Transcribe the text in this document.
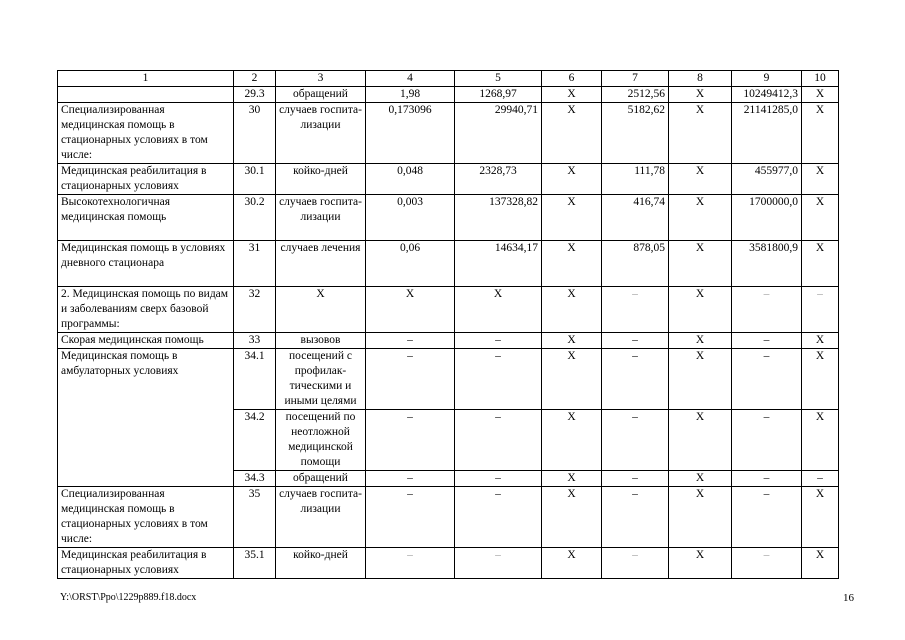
1	2	3	4	5	6	7	8	9	10
	29.3	обращений	1,98	1268,97	Х	2512,56	Х	10249412,3	Х
Специализированная медицинская помощь в стационарных условиях в том числе:	30	случаев госпита-лизации	0,173096	29940,71	Х	5182,62	Х	21141285,0	Х
Медицинская реабилитация в стационарных условиях	30.1	койко-дней	0,048	2328,73	Х	111,78	Х	455977,0	Х
Высокотехнологичная медицинская помощь	30.2	случаев госпита-лизации	0,003	137328,82	Х	416,74	Х	1700000,0	Х
Медицинская помощь в условиях дневного стационара	31	случаев лечения	0,06	14634,17	Х	878,05	Х	3581800,9	Х
2. Медицинская помощь по видам и заболеваниям сверх базовой программы:	32	Х	Х	Х	Х	–	Х	–	–
Скорая медицинская помощь	33	вызовов	–	–	Х	–	Х	–	Х
Медицинская помощь в амбулаторных условиях	34.1	посещений с профилак-тическими и иными целями	–	–	Х	–	Х	–	Х
	34.2	посещений по неотложной медицинской помощи	–	–	Х	–	Х	–	Х
	34.3	обращений	–	–	Х	–	Х	–	–
Специализированная медицинская помощь в стационарных условиях в том числе:	35	случаев госпита-лизации	–	–	Х	–	Х	–	Х
Медицинская реабилитация в стационарных условиях	35.1	койко-дней	–	–	Х	–	Х	–	Х
Y:\ORST\Ppo\1229p889.f18.docx	16
